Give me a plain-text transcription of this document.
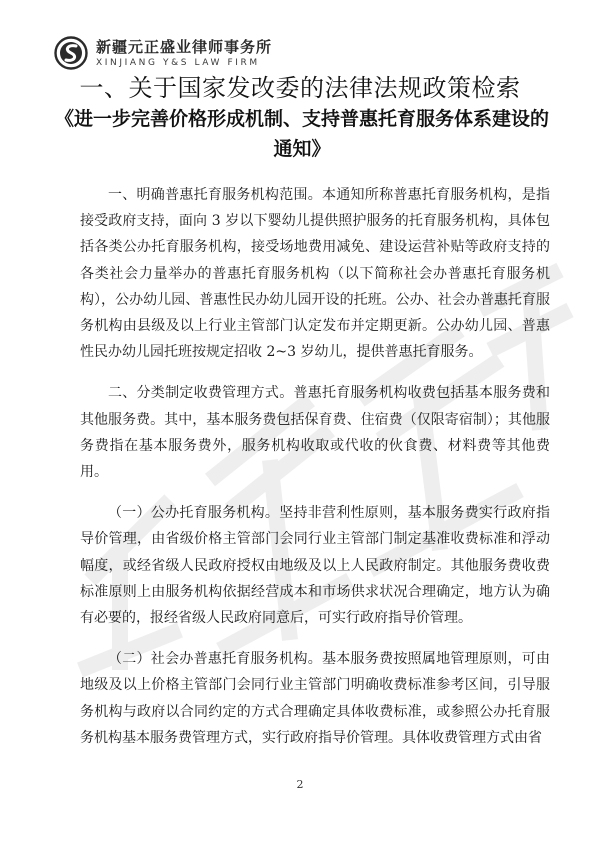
新疆元正盛业律师事务所
XINJIANG Y&S LAW FIRM
一、关于国家发改委的法律法规政策检索
《进一步完善价格形成机制、支持普惠托育服务体系建设的通知》

一、明确普惠托育服务机构范围。本通知所称普惠托育服务机构，是指接受政府支持，面向 3 岁以下婴幼儿提供照护服务的托育服务机构，具体包括各类公办托育服务机构，接受场地费用减免、建设运营补贴等政府支持的各类社会力量举办的普惠托育服务机构（以下简称社会办普惠托育服务机构），公办幼儿园、普惠性民办幼儿园开设的托班。公办、社会办普惠托育服务机构由县级及以上行业主管部门认定发布并定期更新。公办幼儿园、普惠性民办幼儿园托班按规定招收 2~3 岁幼儿，提供普惠托育服务。

二、分类制定收费管理方式。普惠托育服务机构收费包括基本服务费和其他服务费。其中，基本服务费包括保育费、住宿费（仅限寄宿制）；其他服务费指在基本服务费外，服务机构收取或代收的伙食费、材料费等其他费用。

（一）公办托育服务机构。坚持非营利性原则，基本服务费实行政府指导价管理，由省级价格主管部门会同行业主管部门制定基准收费标准和浮动幅度，或经省级人民政府授权由地级及以上人民政府制定。其他服务费收费标准原则上由服务机构依据经营成本和市场供求状况合理确定，地方认为确有必要的，报经省级人民政府同意后，可实行政府指导价管理。

（二）社会办普惠托育服务机构。基本服务费按照属地管理原则，可由地级及以上价格主管部门会同行业主管部门明确收费标准参考区间，引导服务机构与政府以合同约定的方式合理确定具体收费标准，或参照公办托育服务机构基本服务费管理方式，实行政府指导价管理。具体收费管理方式由省

2
